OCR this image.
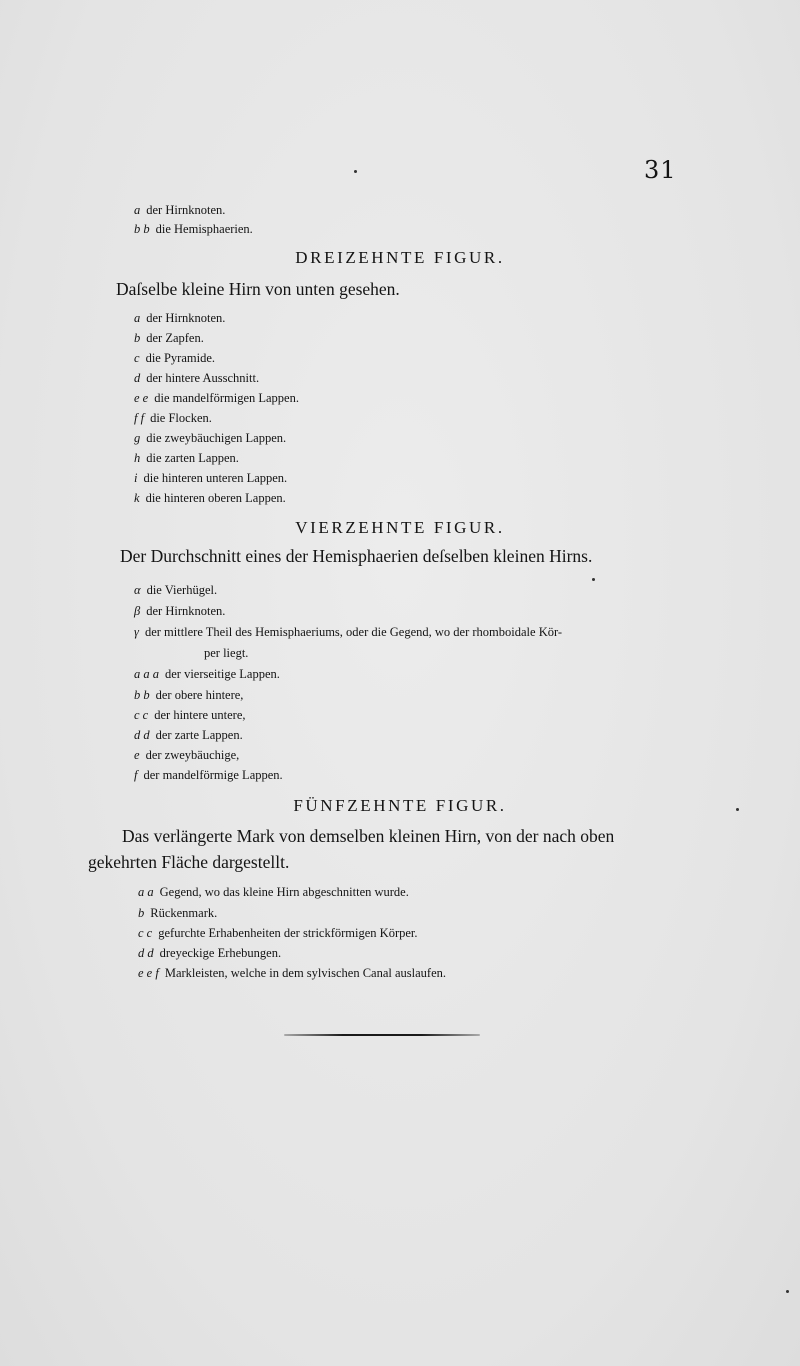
31
a der Hirnknoten.
b b die Hemisphaerien.
DREIZEHNTE FIGUR.
Daſselbe kleine Hirn von unten gesehen.
a der Hirnknoten.
b der Zapfen.
c die Pyramide.
d der hintere Ausschnitt.
e e die mandelförmigen Lappen.
f f die Flocken.
g die zweybäuchigen Lappen.
h die zarten Lappen.
i die hinteren unteren Lappen.
k die hinteren oberen Lappen.
VIERZEHNTE FIGUR.
Der Durchschnitt eines der Hemisphaerien deſselben kleinen Hirns.
α die Vierhügel.
β der Hirnknoten.
γ der mittlere Theil des Hemisphaeriums, oder die Gegend, wo der rhomboidale Kör-
per liegt.
a a a der vierseitige Lappen.
b b der obere hintere,
c c der hintere untere,
d d der zarte Lappen.
e der zweybäuchige,
f der mandelförmige Lappen.
FÜNFZEHNTE FIGUR.
Das verlängerte Mark von demselben kleinen Hirn, von der nach oben
gekehrten Fläche dargestellt.
a a Gegend, wo das kleine Hirn abgeschnitten wurde.
b Rückenmark.
c c gefurchte Erhabenheiten der strickförmigen Körper.
d d dreyeckige Erhebungen.
e e f Markleisten, welche in dem sylvischen Canal auslaufen.
